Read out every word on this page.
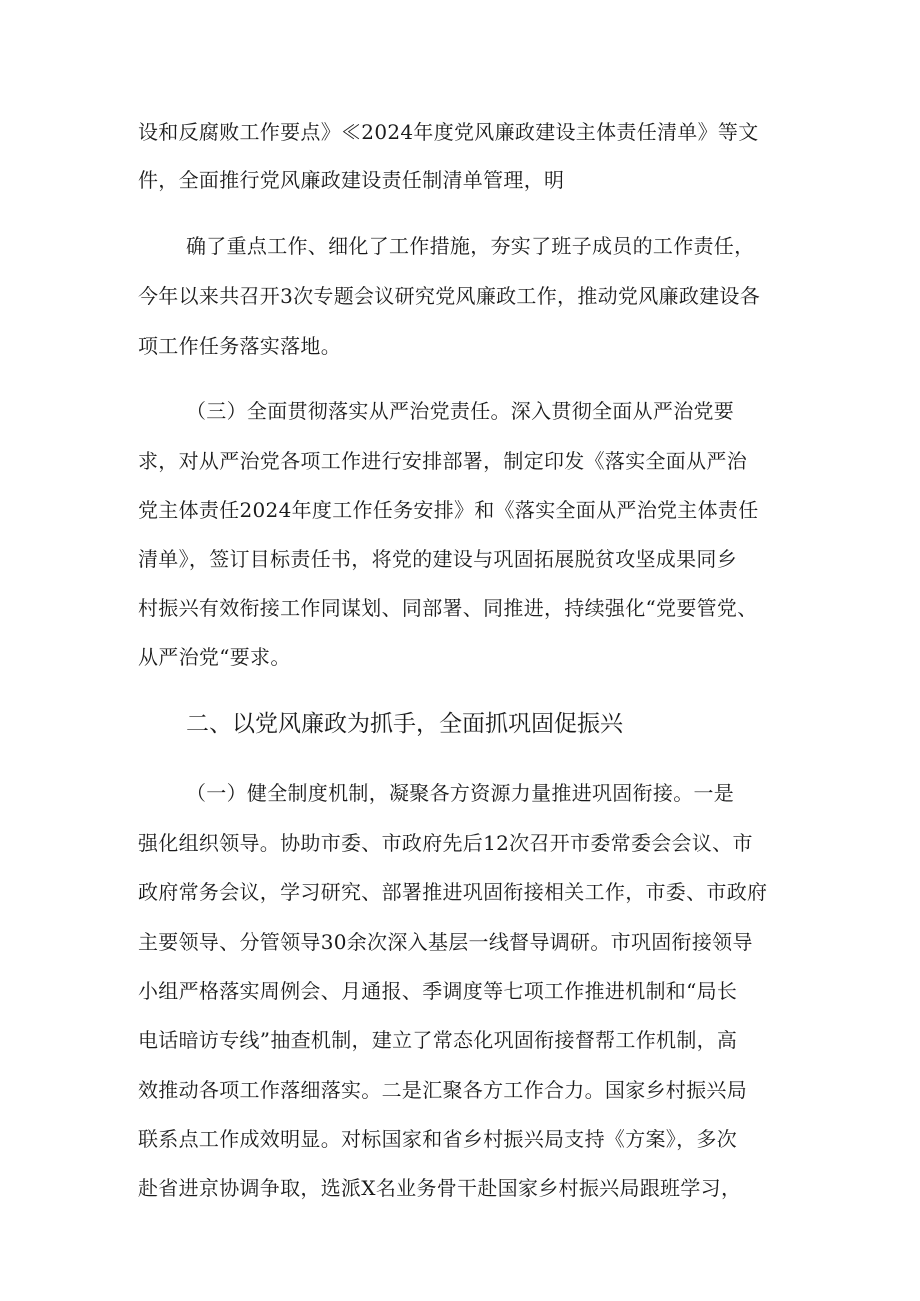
设和反腐败工作要点》≪2024年度党风廉政建设主体责任清单》等文
件，全面推行党风廉政建设责任制清单管理，明
确了重点工作、细化了工作措施，夯实了班子成员的工作责任，
今年以来共召开3次专题会议研究党风廉政工作，推动党风廉政建设各
项工作任务落实落地。
（三）全面贯彻落实从严治党责任。深入贯彻全面从严治党要
求，对从严治党各项工作进行安排部署，制定印发《落实全面从严治
党主体责任2024年度工作任务安排》和《落实全面从严治党主体责任
清单》，签订目标责任书，将党的建设与巩固拓展脱贫攻坚成果同乡
村振兴有效衔接工作同谋划、同部署、同推进，持续强化“党要管党、
从严治党“要求。
二、以党风廉政为抓手，全面抓巩固促振兴
（一）健全制度机制，凝聚各方资源力量推进巩固衔接。一是
强化组织领导。协助市委、市政府先后12次召开市委常委会会议、市
政府常务会议，学习研究、部署推进巩固衔接相关工作，市委、市政府
主要领导、分管领导30余次深入基层一线督导调研。市巩固衔接领导
小组严格落实周例会、月通报、季调度等七项工作推进机制和“局长
电话暗访专线”抽查机制，建立了常态化巩固衔接督帮工作机制，高
效推动各项工作落细落实。二是汇聚各方工作合力。国家乡村振兴局
联系点工作成效明显。对标国家和省乡村振兴局支持《方案》，多次
赴省进京协调争取，选派X名业务骨干赴国家乡村振兴局跟班学习，
